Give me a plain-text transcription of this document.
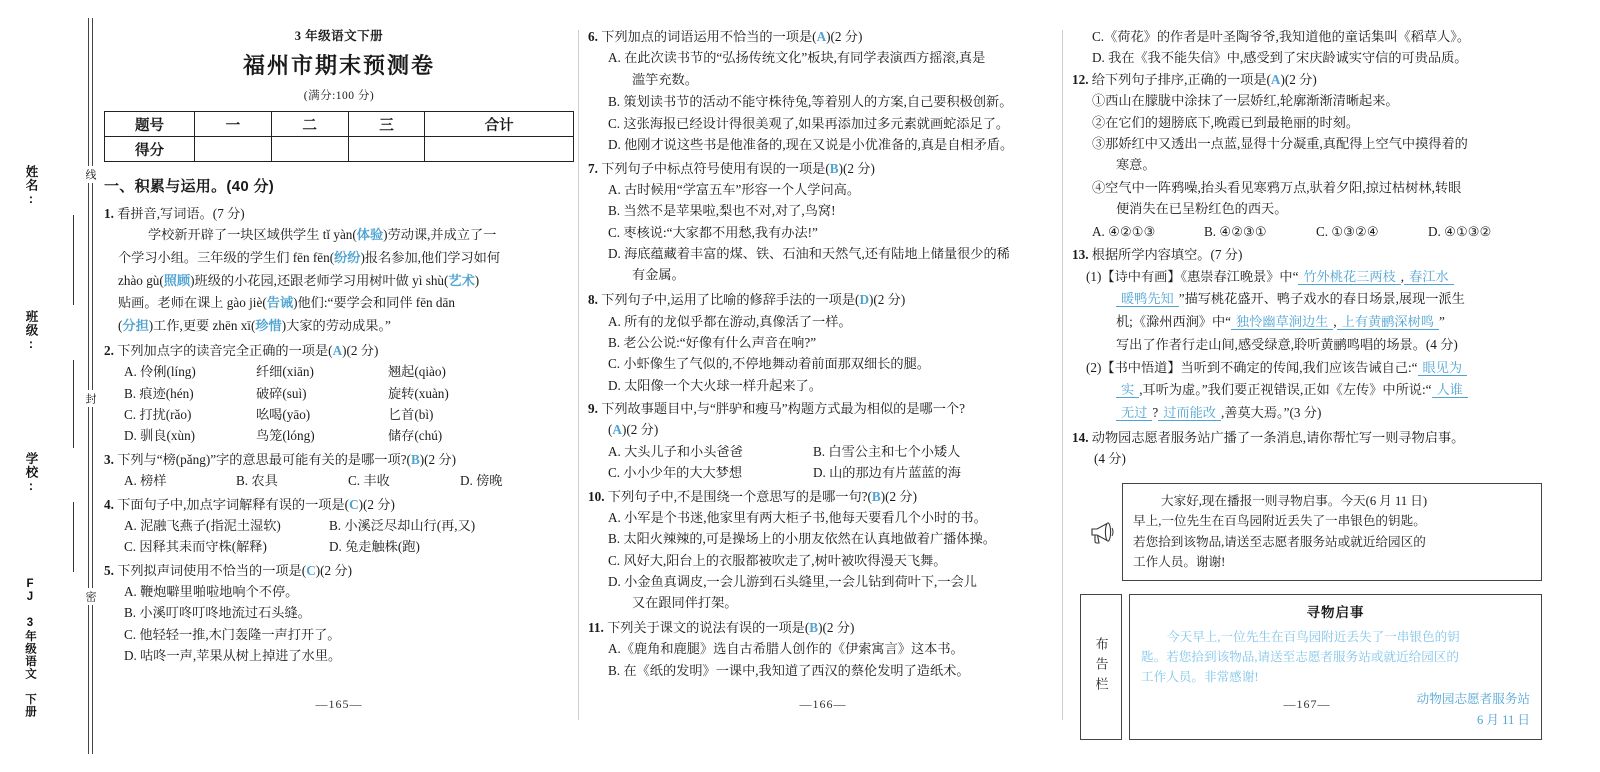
姓名:
班级:
学校:
FJ 3年级语文 下册
线
封
密
3 年级语文下册
福州市期末预测卷
(满分:100 分)
题号	一	二	三	合计
得分				
一、积累与运用。(40 分)
1. 看拼音,写词语。(7 分)
学校新开辟了一块区域供学生 tǐ yàn(体验)劳动课,并成立了一
个学习小组。三年级的学生们 fēn fēn(纷纷)报名参加,他们学习如何
zhào gù(照顾)班级的小花园,还跟老师学习用树叶做 yì shù(艺术)
贴画。老师在课上 gào jiè(告诫)他们:“要学会和同伴 fēn dān
(分担)工作,更要 zhēn xī(珍惜)大家的劳动成果。”
2. 下列加点字的读音完全正确的一项是(A)(2 分)
A. 伶俐(líng)	纤细(xiān)	翘起(qiào)
B. 痕迹(hén)	破碎(suì)	旋转(xuàn)
C. 打扰(rǎo)	吆喝(yāo)	匕首(bì)
D. 驯良(xùn)	鸟笼(lóng)	储存(chú)
3. 下列与“榜(pǎng)”字的意思最可能有关的是哪一项?(B)(2 分)
A. 榜样	B. 农具	C. 丰收	D. 傍晚
4. 下面句子中,加点字词解释有误的一项是(C)(2 分)
A. 泥融飞燕子(指泥土湿软)	B. 小溪泛尽却山行(再,又)
C. 因释其耒而守株(解释)	D. 兔走触株(跑)
5. 下列拟声词使用不恰当的一项是(C)(2 分)
A. 鞭炮噼里啪啦地响个不停。
B. 小溪叮咚叮咚地流过石头缝。
C. 他轻轻一推,木门轰隆一声打开了。
D. 咕咚一声,苹果从树上掉进了水里。
—165—
6. 下列加点的词语运用不恰当的一项是(A)(2 分)
A. 在此次读书节的“弘扬传统文化”板块,有同学表演西方摇滚,真是
滥竽充数。
B. 策划读书节的活动不能守株待兔,等着别人的方案,自己要积极创新。
C. 这张海报已经设计得很美观了,如果再添加过多元素就画蛇添足了。
D. 他刚才说这些书是他准备的,现在又说是小优准备的,真是自相矛盾。
7. 下列句子中标点符号使用有误的一项是(B)(2 分)
A. 古时候用“学富五车”形容一个人学问高。
B. 当然不是苹果啦,梨也不对,对了,鸟窝!
C. 枣核说:“大家都不用愁,我有办法!”
D. 海底蕴藏着丰富的煤、铁、石油和天然气,还有陆地上储量很少的稀
有金属。
8. 下列句子中,运用了比喻的修辞手法的一项是(D)(2 分)
A. 所有的龙似乎都在游动,真像活了一样。
B. 老公公说:“好像有什么声音在响?”
C. 小虾像生了气似的,不停地舞动着前面那双细长的腿。
D. 太阳像一个大火球一样升起来了。
9. 下列故事题目中,与“胖驴和瘦马”构题方式最为相似的是哪一个?
(A)(2 分)
A. 大头儿子和小头爸爸	B. 白雪公主和七个小矮人
C. 小小少年的大大梦想	D. 山的那边有片蓝蓝的海
10. 下列句子中,不是围绕一个意思写的是哪一句?(B)(2 分)
A. 小军是个书迷,他家里有两大柜子书,他每天要看几个小时的书。
B. 太阳火辣辣的,可是操场上的小朋友依然在认真地做着广播体操。
C. 风好大,阳台上的衣服都被吹走了,树叶被吹得漫天飞舞。
D. 小金鱼真调皮,一会儿游到石头缝里,一会儿钻到荷叶下,一会儿
又在跟同伴打架。
11. 下列关于课文的说法有误的一项是(B)(2 分)
A.《鹿角和鹿腿》选自古希腊人创作的《伊索寓言》这本书。
B. 在《纸的发明》一课中,我知道了西汉的蔡伦发明了造纸术。
—166—
C.《荷花》的作者是叶圣陶爷爷,我知道他的童话集叫《稻草人》。
D. 我在《我不能失信》中,感受到了宋庆龄诚实守信的可贵品质。
12. 给下列句子排序,正确的一项是(A)(2 分)
①西山在朦胧中涂抹了一层娇红,轮廓渐渐清晰起来。
②在它们的翅膀底下,晚霞已到最艳丽的时刻。
③那娇红中又透出一点蓝,显得十分凝重,真配得上空气中摸得着的
寒意。
④空气中一阵鸦噪,抬头看见寒鸦万点,驮着夕阳,掠过枯树林,转眼
便消失在已呈粉红色的西天。
A. ④②①③	B. ④②③①	C. ①③②④	D. ④①③②
13. 根据所学内容填空。(7 分)
(1)【诗中有画】《惠崇春江晚景》中“ 竹外桃花三两枝 , 春江水
暖鸭先知 ”描写桃花盛开、鸭子戏水的春日场景,展现一派生
机;《滁州西涧》中“ 独怜幽草涧边生 , 上有黄鹂深树鸣 ”
写出了作者行走山间,感受绿意,聆听黄鹂鸣唱的场景。(4 分)
(2)【书中悟道】当听到不确定的传闻,我们应该告诫自己:“ 眼见为
实 ,耳听为虚。”我们要正视错误,正如《左传》中所说:“ 人谁
无过 ? 过而能改 ,善莫大焉。”(3 分)
14. 动物园志愿者服务站广播了一条消息,请你帮忙写一则寻物启事。
(4 分)
大家好,现在播报一则寻物启事。今天(6 月 11 日)
早上,一位先生在百鸟园附近丢失了一串银色的钥匙。
若您拾到该物品,请送至志愿者服务站或就近给园区的
工作人员。谢谢!
布告栏
寻物启事
今天早上,一位先生在百鸟园附近丢失了一串银色的钥
匙。若您拾到该物品,请送至志愿者服务站或就近给园区的
工作人员。非常感谢!
动物园志愿者服务站
6 月 11 日
—167—
